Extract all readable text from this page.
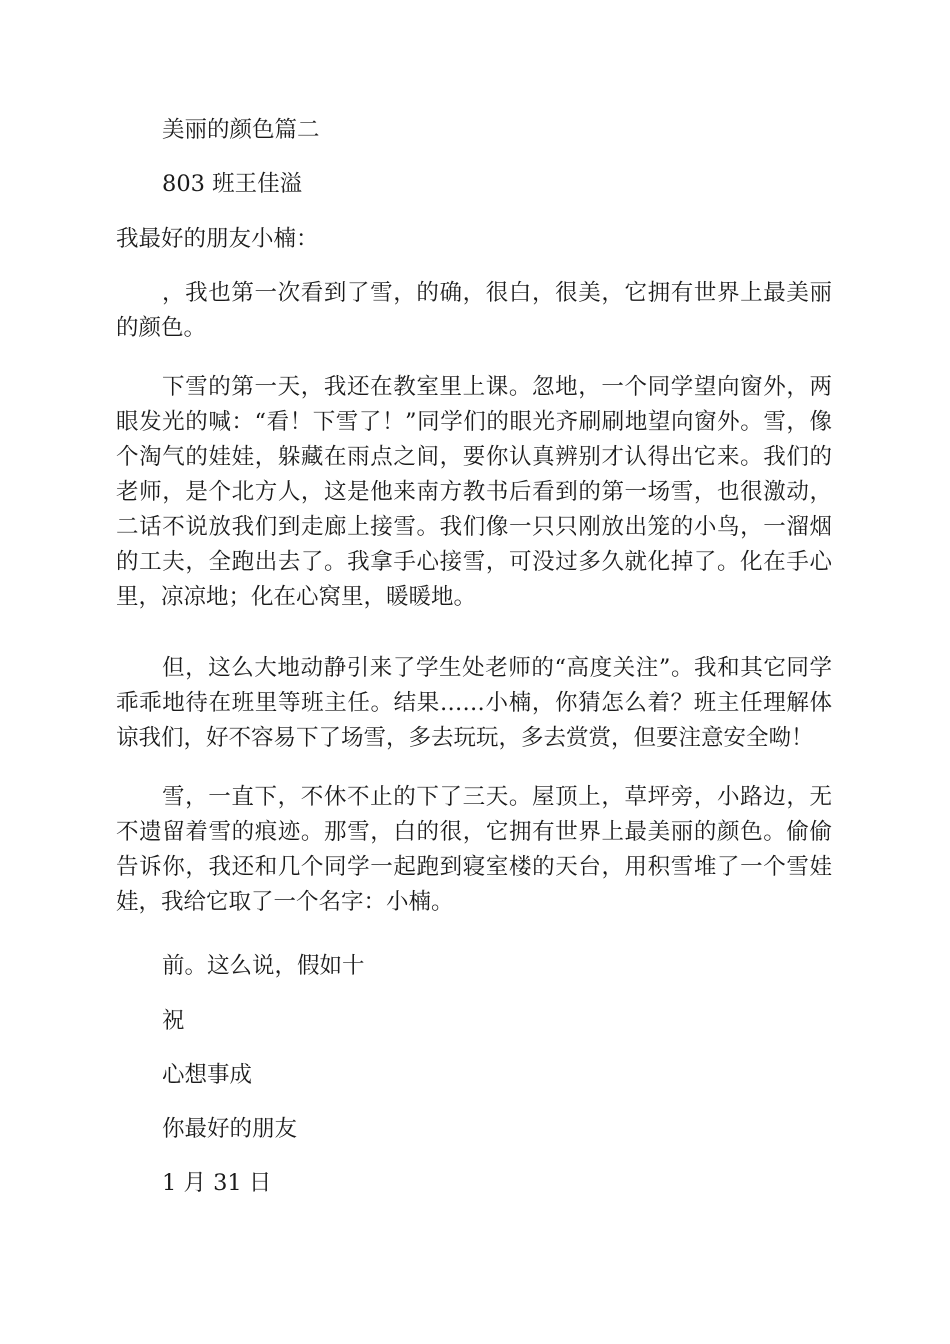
美丽的颜色篇二
803 班王佳溢
我最好的朋友小楠：
，我也第一次看到了雪，的确，很白，很美，它拥有世界上最美丽的颜色。
下雪的第一天，我还在教室里上课。忽地，一个同学望向窗外，两眼发光的喊：“看！下雪了！”同学们的眼光齐刷刷地望向窗外。雪，像个淘气的娃娃，躲藏在雨点之间，要你认真辨别才认得出它来。我们的老师，是个北方人，这是他来南方教书后看到的第一场雪，也很激动，二话不说放我们到走廊上接雪。我们像一只只刚放出笼的小鸟，一溜烟的工夫，全跑出去了。我拿手心接雪，可没过多久就化掉了。化在手心里，凉凉地；化在心窝里，暖暖地。
但，这么大地动静引来了学生处老师的“高度关注”。我和其它同学乖乖地待在班里等班主任。结果……小楠，你猜怎么着？班主任理解体谅我们，好不容易下了场雪，多去玩玩，多去赏赏，但要注意安全呦！
雪，一直下，不休不止的下了三天。屋顶上，草坪旁，小路边，无不遗留着雪的痕迹。那雪，白的很，它拥有世界上最美丽的颜色。偷偷告诉你，我还和几个同学一起跑到寝室楼的天台，用积雪堆了一个雪娃娃，我给它取了一个名字：小楠。
前。这么说，假如十
祝
心想事成
你最好的朋友
1 月 31 日
